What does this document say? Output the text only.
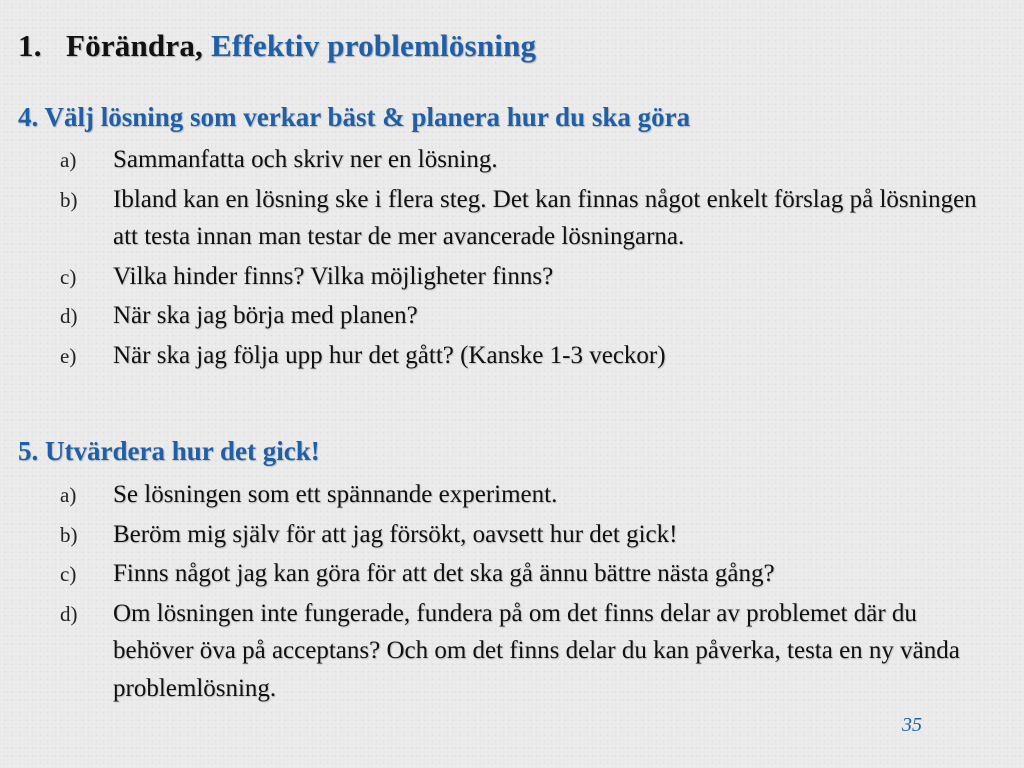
1. Förändra, Effektiv problemlösning
4. Välj lösning som verkar bäst & planera hur du ska göra
a) Sammanfatta och skriv ner en lösning.
b) Ibland kan en lösning ske i flera steg. Det kan finnas något enkelt förslag på lösningen att testa innan man testar de mer avancerade lösningarna.
c) Vilka hinder finns? Vilka möjligheter finns?
d) När ska jag börja med planen?
e) När ska jag följa upp hur det gått? (Kanske 1-3 veckor)
5. Utvärdera hur det gick!
a) Se lösningen som ett spännande experiment.
b) Beröm mig själv för att jag försökt, oavsett hur det gick!
c) Finns något jag kan göra för att det ska gå ännu bättre nästa gång?
d) Om lösningen inte fungerade, fundera på om det finns delar av problemet där du behöver öva på acceptans? Och om det finns delar du kan påverka, testa en ny vända problemlösning.
35
